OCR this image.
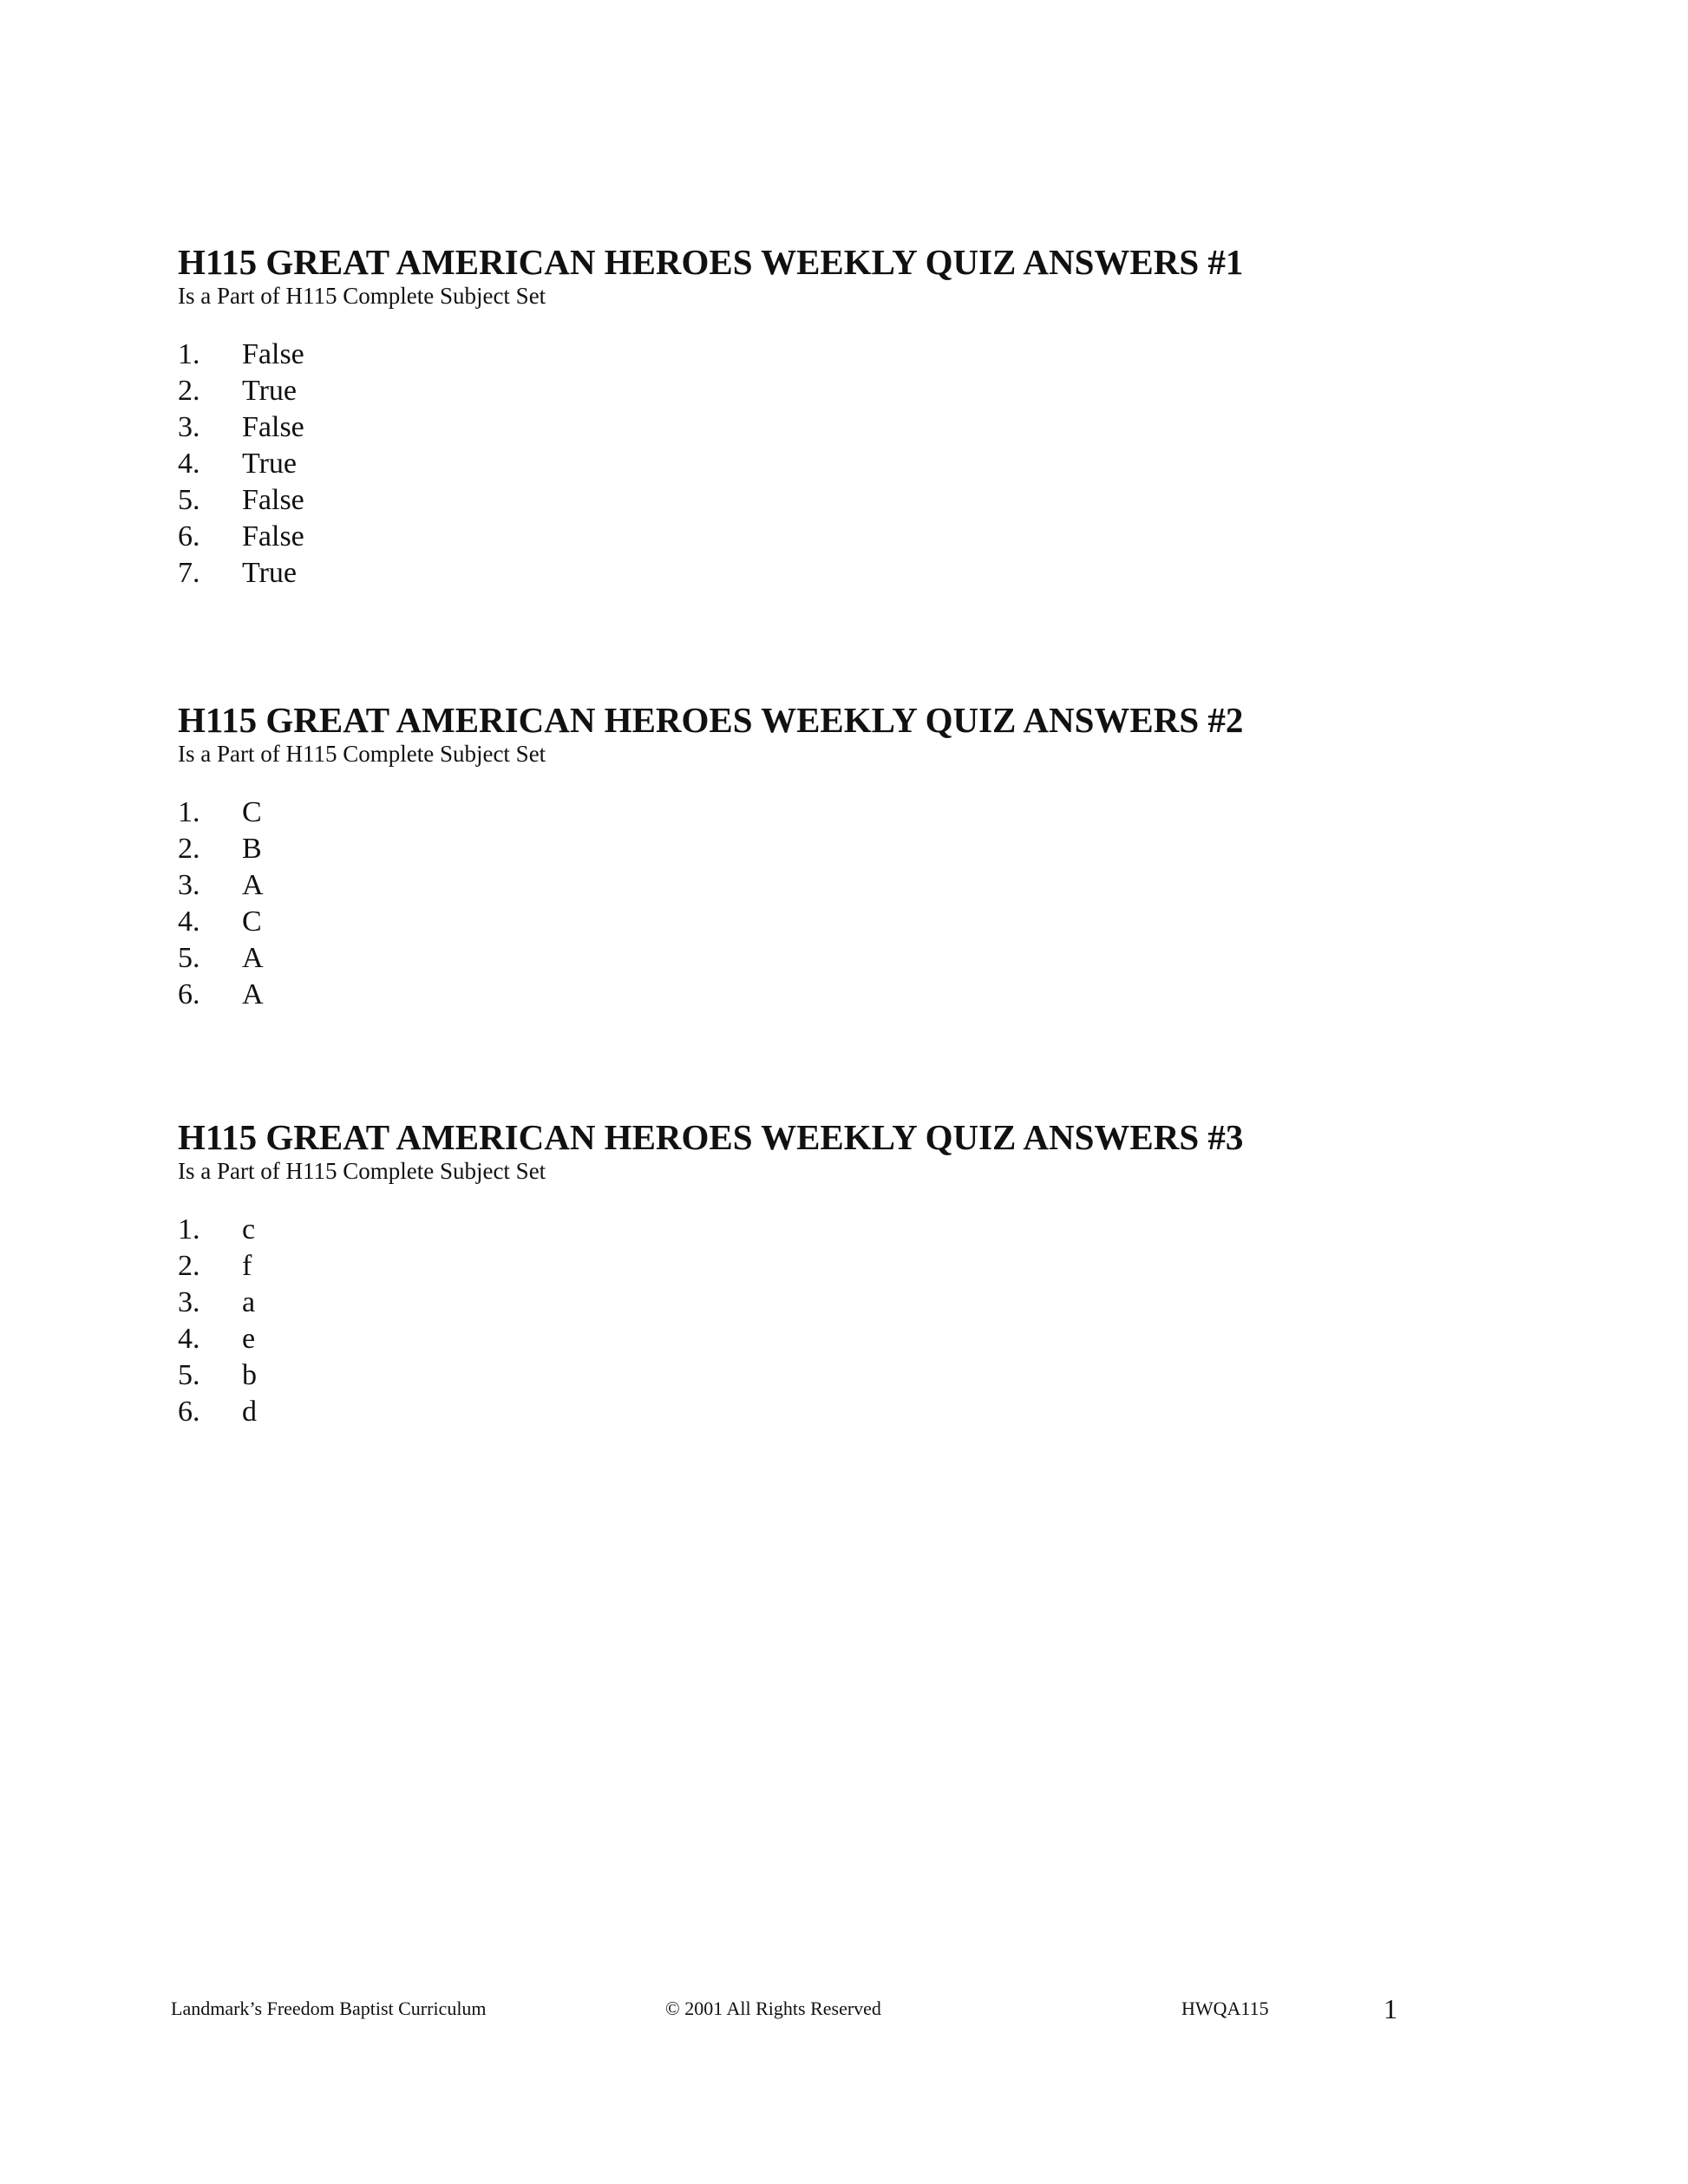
H115 GREAT AMERICAN HEROES WEEKLY QUIZ ANSWERS #1

Is a Part of H115 Complete Subject Set

1. False
2. True
3. False
4. True
5. False
6. False
7. True
H115 GREAT AMERICAN HEROES WEEKLY QUIZ ANSWERS #2

Is a Part of H115 Complete Subject Set

1. C
2. B
3. A
4. C
5. A
6. A
H115 GREAT AMERICAN HEROES WEEKLY QUIZ ANSWERS #3

Is a Part of H115 Complete Subject Set

1. c
2. f
3. a
4. e
5. b
6. d
Landmark’s Freedom Baptist Curriculum	© 2001 All Rights Reserved	HWQA115	1
